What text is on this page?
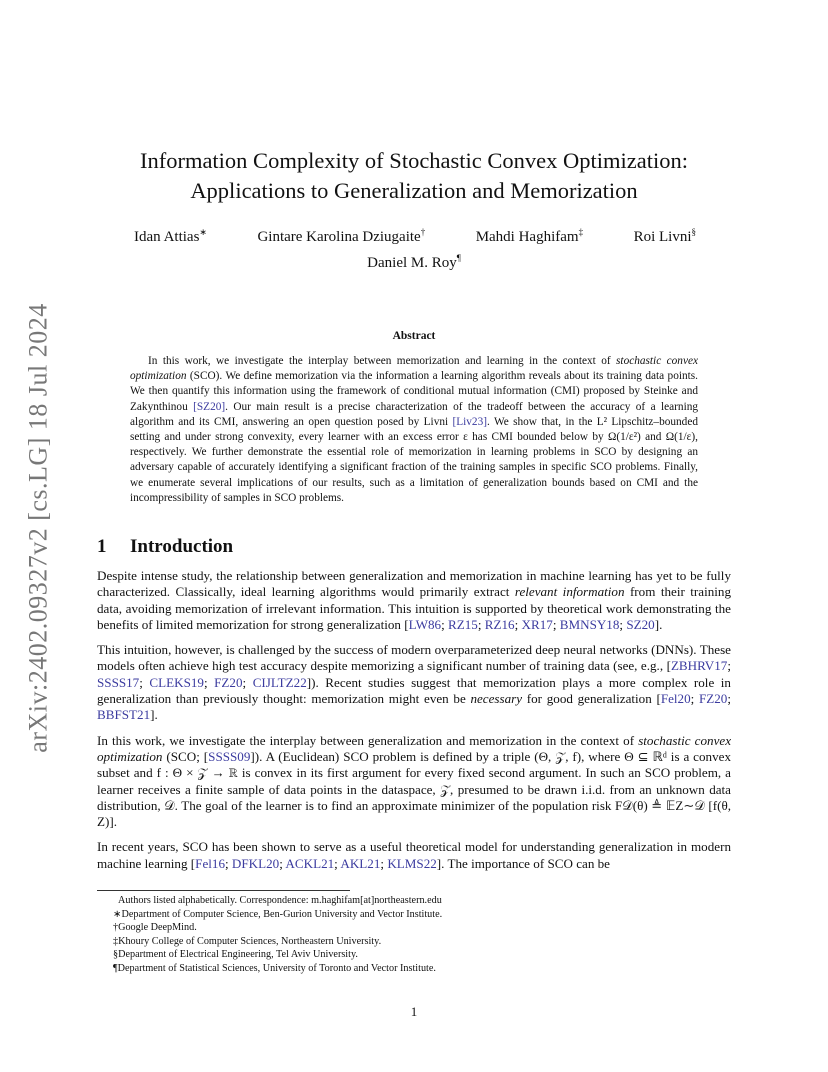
arXiv:2402.09327v2 [cs.LG] 18 Jul 2024
Information Complexity of Stochastic Convex Optimization:
Applications to Generalization and Memorization
Idan Attias∗	Gintare Karolina Dziugaite†	Mahdi Haghifam‡	Roi Livni§
Daniel M. Roy¶
Abstract
In this work, we investigate the interplay between memorization and learning in the context of stochastic convex optimization (SCO). We define memorization via the information a learning algorithm reveals about its training data points. We then quantify this information using the framework of conditional mutual information (CMI) proposed by Steinke and Zakynthinou [SZ20]. Our main result is a precise characterization of the tradeoff between the accuracy of a learning algorithm and its CMI, answering an open question posed by Livni [Liv23]. We show that, in the L² Lipschitz–bounded setting and under strong convexity, every learner with an excess error ε has CMI bounded below by Ω(1/ε²) and Ω(1/ε), respectively. We further demonstrate the essential role of memorization in learning problems in SCO by designing an adversary capable of accurately identifying a significant fraction of the training samples in specific SCO problems. Finally, we enumerate several implications of our results, such as a limitation of generalization bounds based on CMI and the incompressibility of samples in SCO problems.
1 Introduction

Despite intense study, the relationship between generalization and memorization in machine learning has yet to be fully characterized. Classically, ideal learning algorithms would primarily extract relevant information from their training data, avoiding memorization of irrelevant information. This intuition is supported by theoretical work demonstrating the benefits of limited memorization for strong generalization [LW86; RZ15; RZ16; XR17; BMNSY18; SZ20].

This intuition, however, is challenged by the success of modern overparameterized deep neural networks (DNNs). These models often achieve high test accuracy despite memorizing a significant number of training data (see, e.g., [ZBHRV17; SSSS17; CLEKS19; FZ20; CIJLTZ22]). Recent studies suggest that memorization plays a more complex role in generalization than previously thought: memorization might even be necessary for good generalization [Fel20; FZ20; BBFST21].

In this work, we investigate the interplay between generalization and memorization in the context of stochastic convex optimization (SCO; [SSSS09]). A (Euclidean) SCO problem is defined by a triple (Θ, 𝒵, f), where Θ ⊆ ℝᵈ is a convex subset and f : Θ × 𝒵 → ℝ is convex in its first argument for every fixed second argument. In such an SCO problem, a learner receives a finite sample of data points in the dataspace, 𝒵, presumed to be drawn i.i.d. from an unknown data distribution, 𝒟. The goal of the learner is to find an approximate minimizer of the population risk F𝒟(θ) ≜ 𝔼Z∼𝒟 [f(θ, Z)].

In recent years, SCO has been shown to serve as a useful theoretical model for understanding generalization in modern machine learning [Fel16; DFKL20; ACKL21; AKL21; KLMS22]. The importance of SCO can be

Authors listed alphabetically. Correspondence: m.haghifam[at]northeastern.edu
∗Department of Computer Science, Ben-Gurion University and Vector Institute.
†Google DeepMind.
‡Khoury College of Computer Sciences, Northeastern University.
§Department of Electrical Engineering, Tel Aviv University.
¶Department of Statistical Sciences, University of Toronto and Vector Institute.
1
